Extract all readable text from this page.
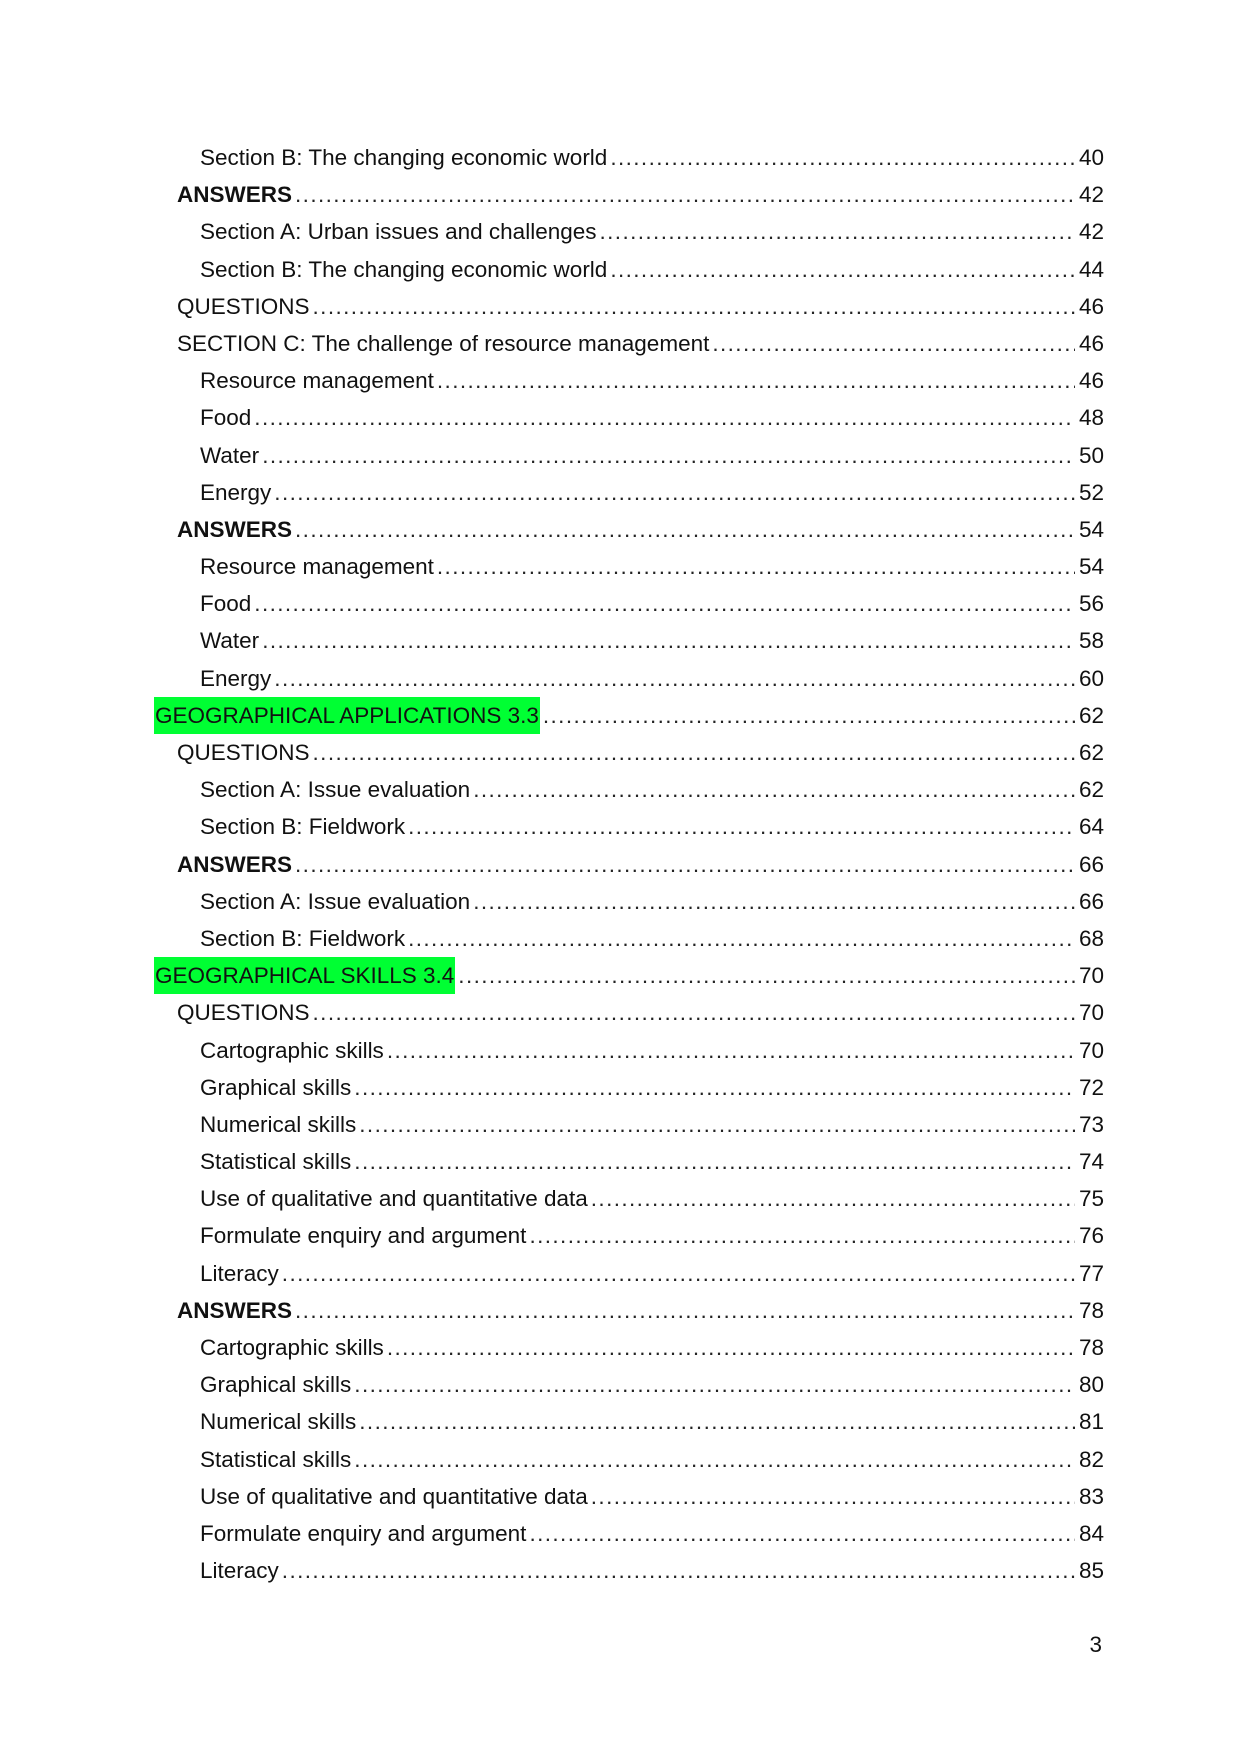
Section B: The changing economic world .....	40
ANSWERS .....	42
Section A: Urban issues and challenges .....	42
Section B: The changing economic world .....	44
QUESTIONS .....	46
SECTION C: The challenge of resource management .....	46
Resource management .....	46
Food .....	48
Water .....	50
Energy .....	52
ANSWERS .....	54
Resource management .....	54
Food .....	56
Water .....	58
Energy .....	60
GEOGRAPHICAL APPLICATIONS 3.3 .....	62
QUESTIONS .....	62
Section A: Issue evaluation .....	62
Section B: Fieldwork .....	64
ANSWERS .....	66
Section A: Issue evaluation .....	66
Section B: Fieldwork .....	68
GEOGRAPHICAL SKILLS 3.4 .....	70
QUESTIONS .....	70
Cartographic skills .....	70
Graphical skills .....	72
Numerical skills .....	73
Statistical skills .....	74
Use of qualitative and quantitative data .....	75
Formulate enquiry and argument .....	76
Literacy .....	77
ANSWERS .....	78
Cartographic skills .....	78
Graphical skills .....	80
Numerical skills .....	81
Statistical skills .....	82
Use of qualitative and quantitative data .....	83
Formulate enquiry and argument .....	84
Literacy .....	85
3
